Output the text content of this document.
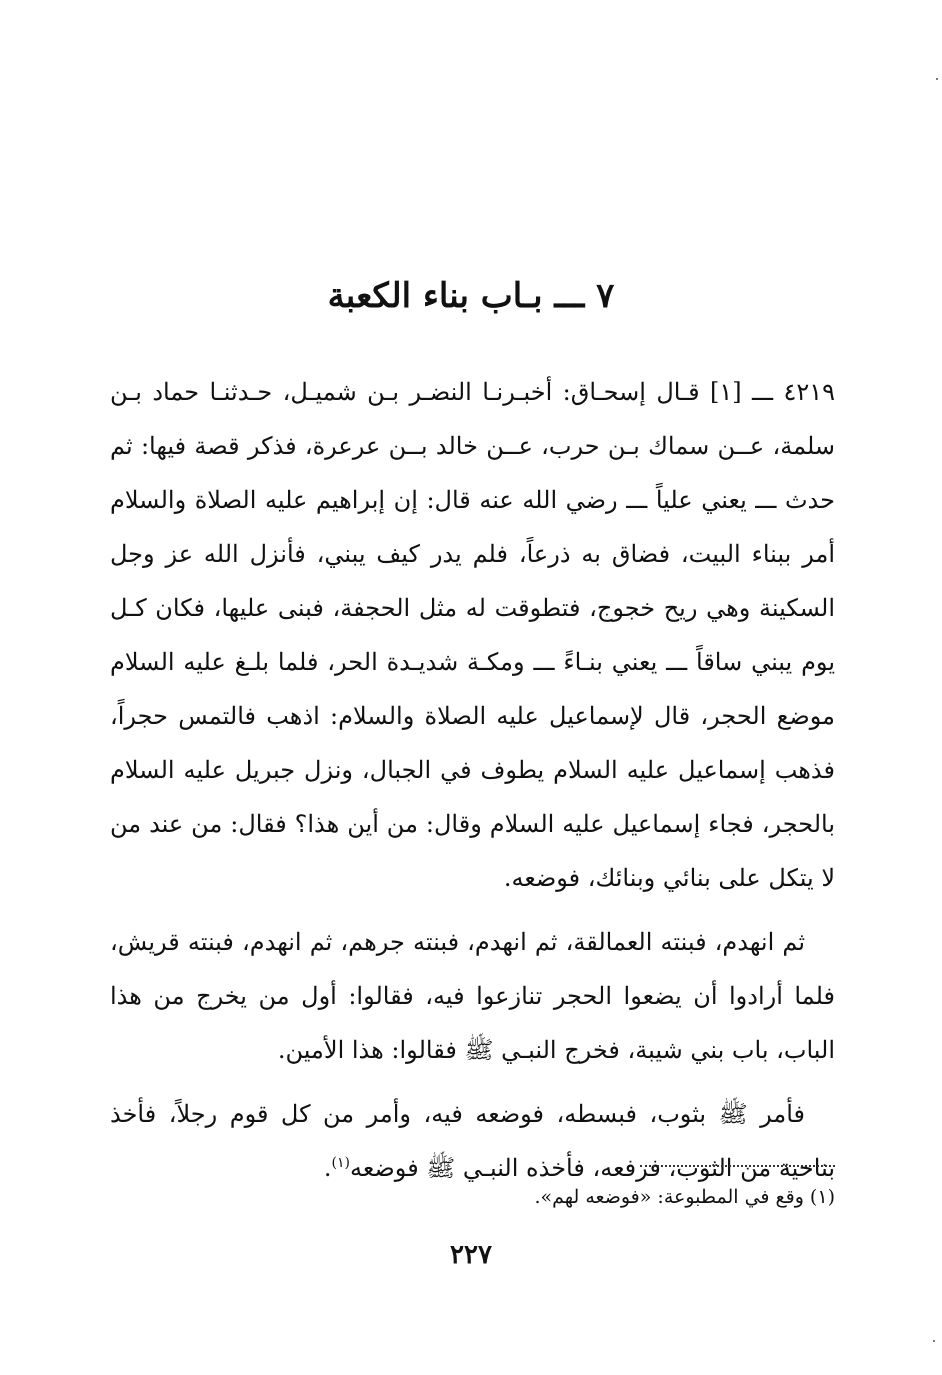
٧ ـــ بـاب بناء الكعبة

٤٢١٩ ـــ [١] قـال إسحـاق: أخبـرنـا النضـر بـن شميـل، حـدثنـا حماد بـن سلمة، عــن سماك بـن حرب، عــن خالد بــن عرعرة، فذكر قصة فيها: ثم حدث ـــ يعني علياً ـــ رضي الله عنه قال: إن إبراهيم عليه الصلاة والسلام أمر ببناء البيت، فضاق به ذرعاً، فلم يدر كيف يبني، فأنزل الله عز وجل السكينة وهي ريح خجوج، فتطوقت له مثل الحجفة، فبنى عليها، فكان كـل يوم يبني ساقاً ـــ يعني بنـاءً ـــ ومكـة شديـدة الحر، فلما بلـغ عليه السلام موضع الحجر، قال لإسماعيل عليه الصلاة والسلام: اذهب فالتمس حجراً، فذهب إسماعيل عليه السلام يطوف في الجبال، ونزل جبريل عليه السلام بالحجر، فجاء إسماعيل عليه السلام وقال: من أين هذا؟ فقال: من عند من لا يتكل على بنائي وبنائك، فوضعه.

ثم انهدم، فبنته العمالقة، ثم انهدم، فبنته جرهم، ثم انهدم، فبنته قريش، فلما أرادوا أن يضعوا الحجر تنازعوا فيه، فقالوا: أول من يخرج من هذا الباب، باب بني شيبة، فخرج النبـي ﷺ فقالوا: هذا الأمين.

فأمر ﷺ بثوب، فبسطه، فوضعه فيه، وأمر من كل قوم رجلاً، فأخذ بناحية من الثوب، فرفعه، فأخذه النبـي ﷺ فوضعه$^{(١)}$.

(١) وقع في المطبوعة: «فوضعه لهم».
٢٢٧
